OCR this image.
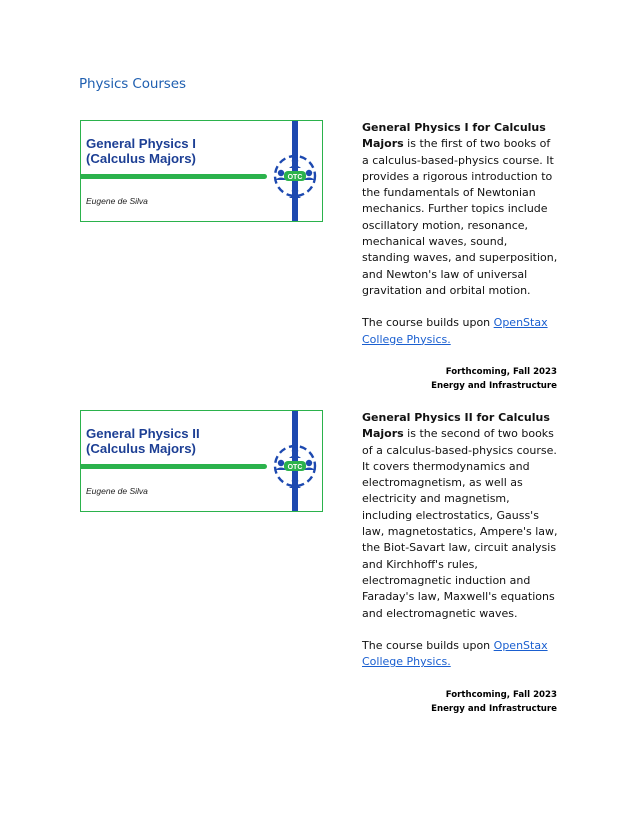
Physics Courses
General Physics I
(Calculus Majors)
OTC
Eugene de Silva

General Physics I for Calculus Majors is the first of two books of a calculus-based-physics course. It provides a rigorous introduction to the fundamentals of Newtonian mechanics. Further topics include oscillatory motion, resonance, mechanical waves, sound, standing waves, and superposition, and Newton's law of universal gravitation and orbital motion.

The course builds upon OpenStax College Physics.

Forthcoming, Fall 2023
Energy and Infrastructure
General Physics II
(Calculus Majors)
OTC
Eugene de Silva

General Physics II for Calculus Majors is the second of two books of a calculus-based-physics course. It covers thermodynamics and electromagnetism, as well as electricity and magnetism, including electrostatics, Gauss's law, magnetostatics, Ampere's law, the Biot-Savart law, circuit analysis and Kirchhoff's rules, electromagnetic induction and Faraday's law, Maxwell's equations and electromagnetic waves.

The course builds upon OpenStax College Physics.

Forthcoming, Fall 2023
Energy and Infrastructure
